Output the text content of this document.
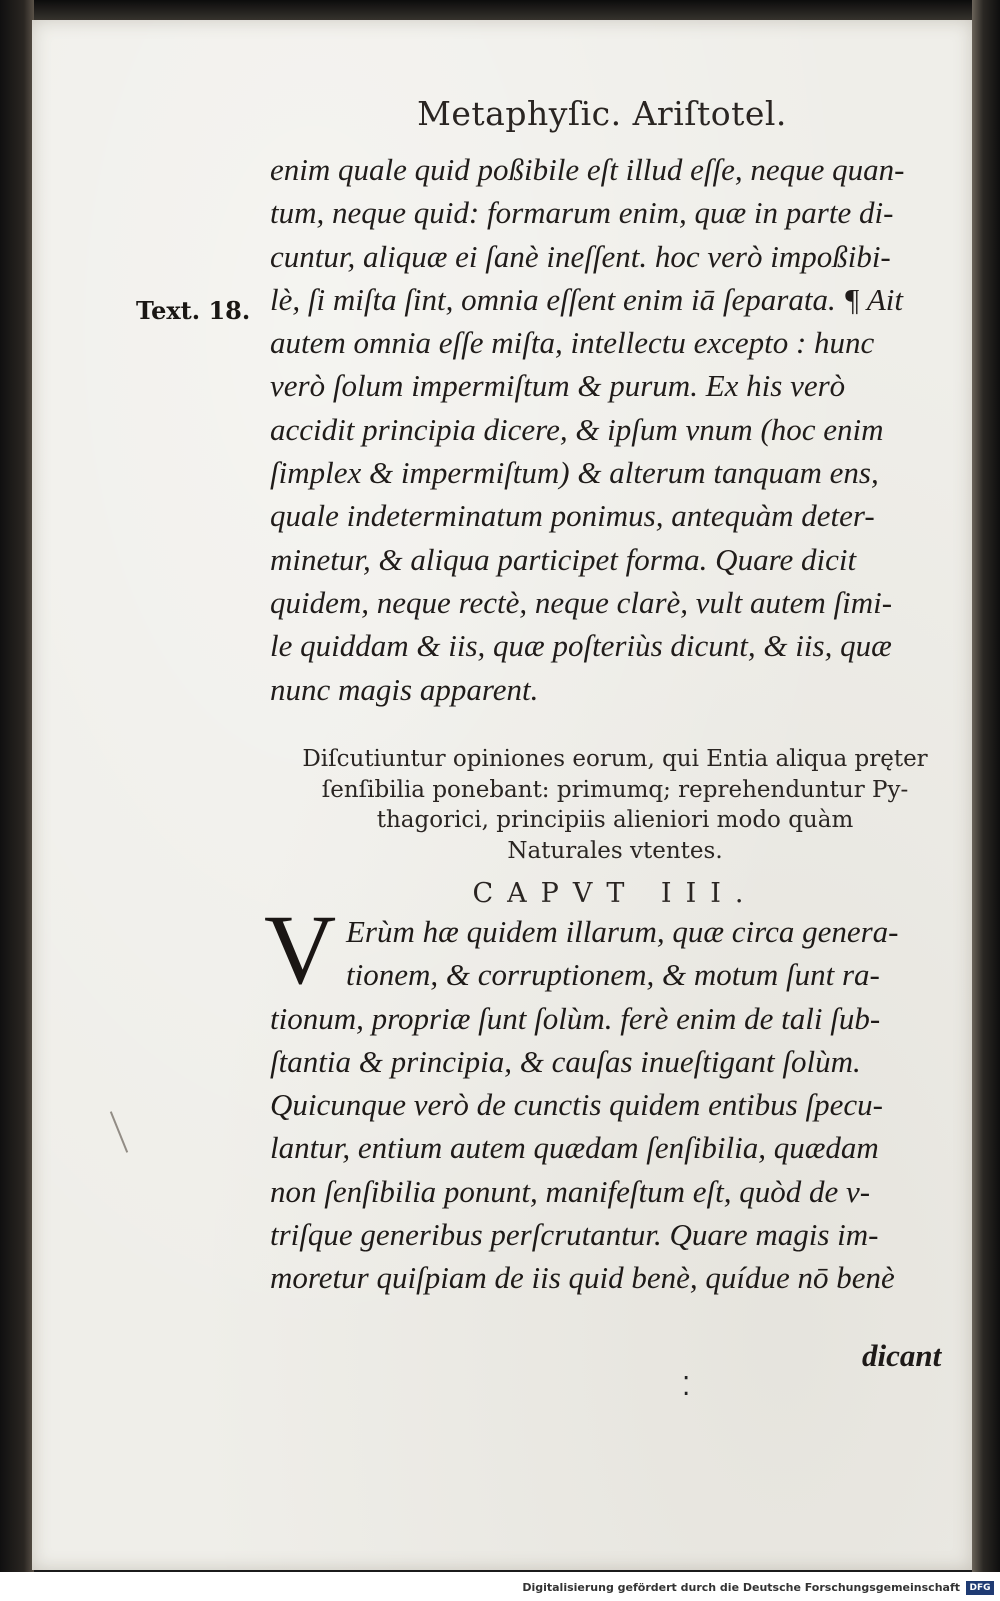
Metaphyſic. Ariſtotel.
Text. 18.
enim quale quid poßibile eſt illud eſſe, neque quan-
tum, neque quid: formarum enim, quæ in parte di-
cuntur, aliquæ ei ſanè ineſſent. hoc verò impoßibi-
lè, ſi miſta ſint, omnia eſſent enim iā ſeparata. ¶ Ait
autem omnia eſſe miſta, intellectu excepto : hunc
verò ſolum impermiſtum & purum. Ex his verò
accidit principia dicere, & ipſum vnum (hoc enim
ſimplex & impermiſtum) & alterum tanquam ens,
quale indeterminatum ponimus, antequàm deter-
minetur, & aliqua participet forma. Quare dicit
quidem, neque rectè, neque clarè, vult autem ſimi-
le quiddam & iis, quæ poſteriùs dicunt, & iis, quæ
nunc magis apparent.
Diſcutiuntur opiniones eorum, qui Entia aliqua pręter
ſenſibilia ponebant: primumq; reprehenduntur Py-
thagorici, principiis alieniori modo quàm
Naturales vtentes.
CAPVT III.
V Erùm hæ quidem illarum, quæ circa genera-
tionem, & corruptionem, & motum ſunt ra-
tionum, propriæ ſunt ſolùm. ferè enim de tali ſub-
ſtantia & principia, & cauſas inueſtigant ſolùm.
Quicunque verò de cunctis quidem entibus ſpecu-
lantur, entium autem quædam ſenſibilia, quædam
non ſenſibilia ponunt, manifeſtum eſt, quòd de v-
triſque generibus perſcrutantur. Quare magis im-
moretur quiſpiam de iis quid benè, quídue nō benè
dicant
⁚
Digitalisierung gefördert durch die Deutsche Forschungsgemeinschaft	DFG
